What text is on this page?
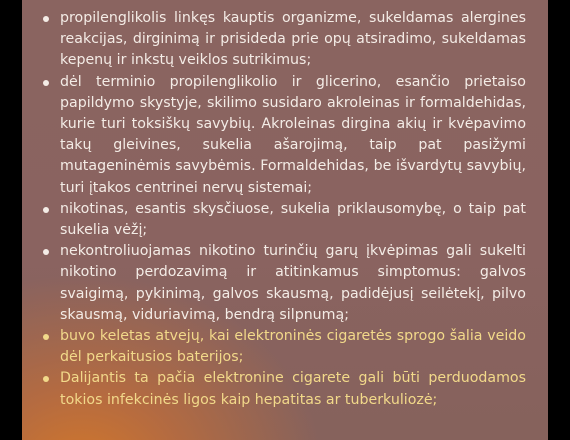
propilenglikolis linkęs kauptis organizme, sukeldamas alergines reakcijas, dirginimą ir prisideda prie opų atsiradimo, sukeldamas kepenų ir inkstų veiklos sutrikimus;
dėl terminio propilenglikolio ir glicerino, esančio prietaiso papildymo skystyje, skilimo susidaro akroleinas ir formaldehidas, kurie turi toksiškų savybių. Akroleinas dirgina akių ir kvėpavimo takų gleivines, sukelia ašarojimą, taip pat pasižymi mutageninėmis savybėmis. Formaldehidas, be išvardytų savybių, turi įtakos centrinei nervų sistemai;
nikotinas, esantis skysčiuose, sukelia priklausomybę, o taip pat sukelia vėžį;
nekontroliuojamas nikotino turinčių garų įkvėpimas gali sukelti nikotino perdozavimą ir atitinkamus simptomus: galvos svaigimą, pykinimą, galvos skausmą, padidėjusį seilėtekį, pilvo skausmą, viduriavimą, bendrą silpnumą;
buvo keletas atvejų, kai elektroninės cigaretės sprogo šalia veido dėl perkaitusios baterijos;
Dalijantis ta pačia elektronine cigarete gali būti perduodamos tokios infekcinės ligos kaip hepatitas ar tuberkuliozė;
